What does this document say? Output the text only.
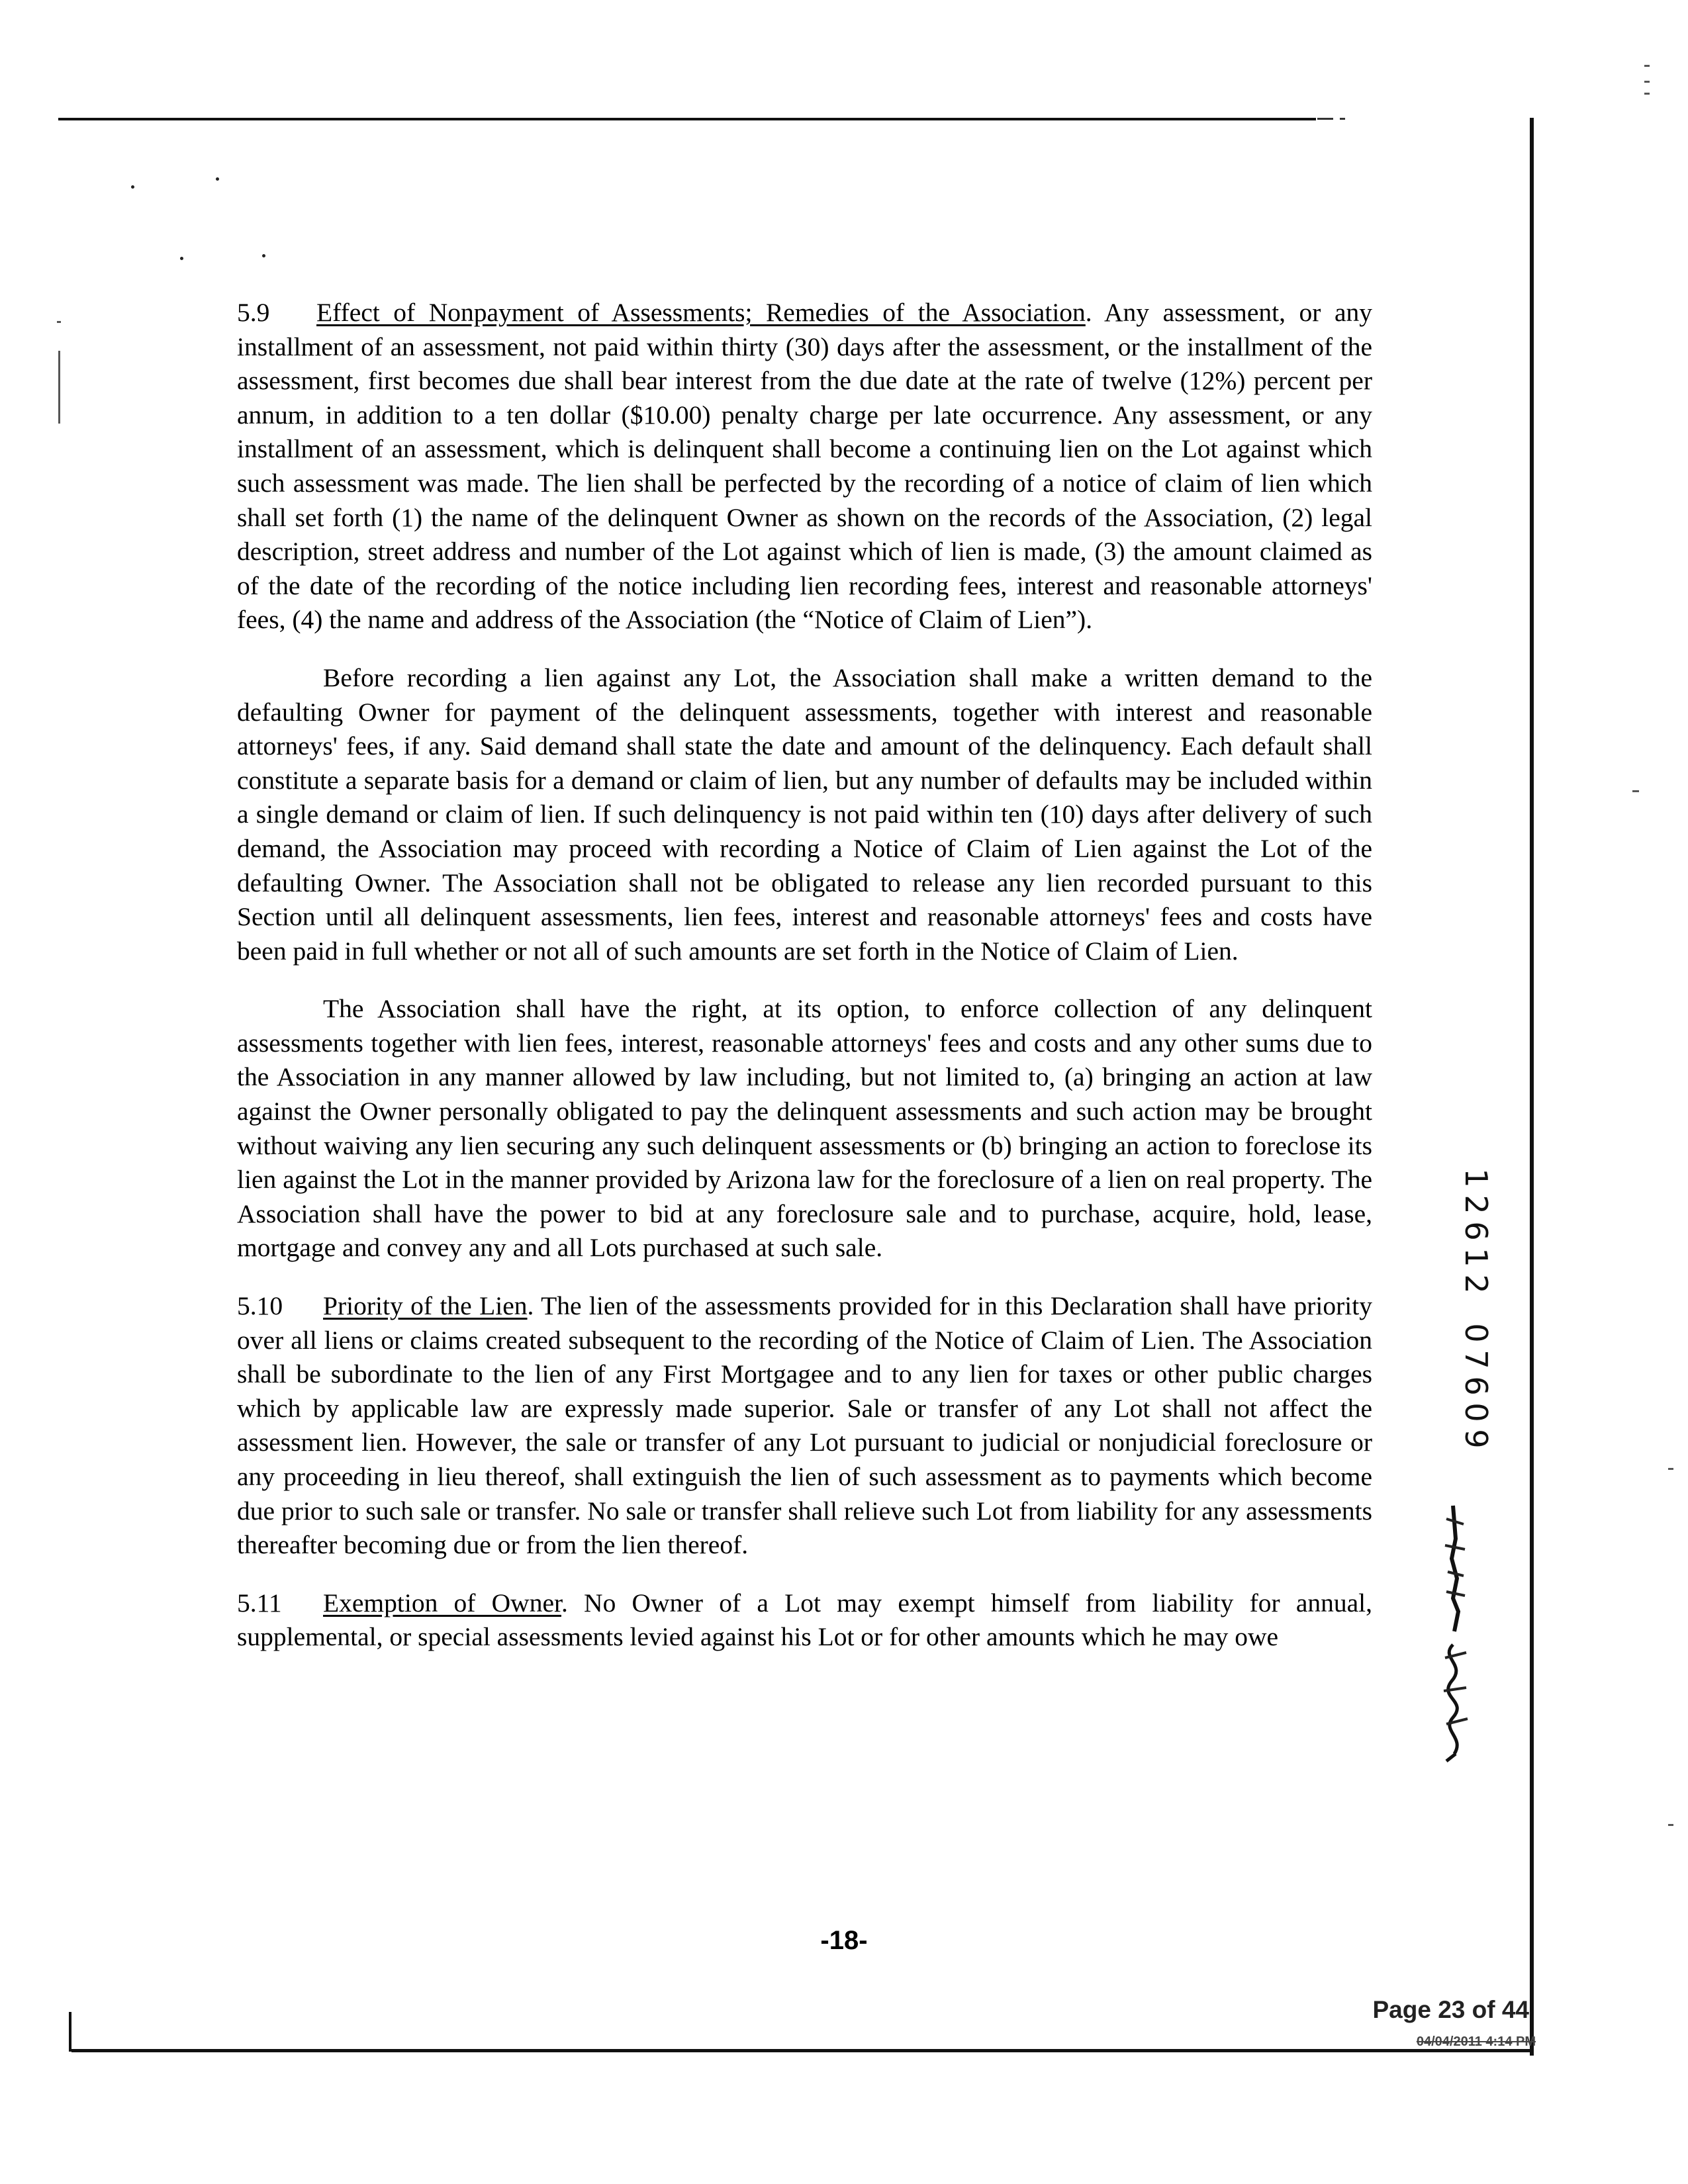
5.9 Effect of Nonpayment of Assessments; Remedies of the Association. Any assessment, or any installment of an assessment, not paid within thirty (30) days after the assessment, or the installment of the assessment, first becomes due shall bear interest from the due date at the rate of twelve (12%) percent per annum, in addition to a ten dollar ($10.00) penalty charge per late occurrence. Any assessment, or any installment of an assessment, which is delinquent shall become a continuing lien on the Lot against which such assessment was made. The lien shall be perfected by the recording of a notice of claim of lien which shall set forth (1) the name of the delinquent Owner as shown on the records of the Association, (2) legal description, street address and number of the Lot against which of lien is made, (3) the amount claimed as of the date of the recording of the notice including lien recording fees, interest and reasonable attorneys' fees, (4) the name and address of the Association (the “Notice of Claim of Lien”).

Before recording a lien against any Lot, the Association shall make a written demand to the defaulting Owner for payment of the delinquent assessments, together with interest and reasonable attorneys' fees, if any. Said demand shall state the date and amount of the delinquency. Each default shall constitute a separate basis for a demand or claim of lien, but any number of defaults may be included within a single demand or claim of lien. If such delinquency is not paid within ten (10) days after delivery of such demand, the Association may proceed with recording a Notice of Claim of Lien against the Lot of the defaulting Owner. The Association shall not be obligated to release any lien recorded pursuant to this Section until all delinquent assessments, lien fees, interest and reasonable attorneys' fees and costs have been paid in full whether or not all of such amounts are set forth in the Notice of Claim of Lien.

The Association shall have the right, at its option, to enforce collection of any delinquent assessments together with lien fees, interest, reasonable attorneys' fees and costs and any other sums due to the Association in any manner allowed by law including, but not limited to, (a) bringing an action at law against the Owner personally obligated to pay the delinquent assessments and such action may be brought without waiving any lien securing any such delinquent assessments or (b) bringing an action to foreclose its lien against the Lot in the manner provided by Arizona law for the foreclosure of a lien on real property. The Association shall have the power to bid at any foreclosure sale and to purchase, acquire, hold, lease, mortgage and convey any and all Lots purchased at such sale.

5.10 Priority of the Lien. The lien of the assessments provided for in this Declaration shall have priority over all liens or claims created subsequent to the recording of the Notice of Claim of Lien. The Association shall be subordinate to the lien of any First Mortgagee and to any lien for taxes or other public charges which by applicable law are expressly made superior. Sale or transfer of any Lot shall not affect the assessment lien. However, the sale or transfer of any Lot pursuant to judicial or nonjudicial foreclosure or any proceeding in lieu thereof, shall extinguish the lien of such assessment as to payments which become due prior to such sale or transfer. No sale or transfer shall relieve such Lot from liability for any assessments thereafter becoming due or from the lien thereof.

5.11 Exemption of Owner. No Owner of a Lot may exempt himself from liability for annual, supplemental, or special assessments levied against his Lot or for other amounts which he may owe

1
2
6
1
2
0
7
6
0
9
-18-
Page 23 of 44
04/04/2011 4:14 PM
